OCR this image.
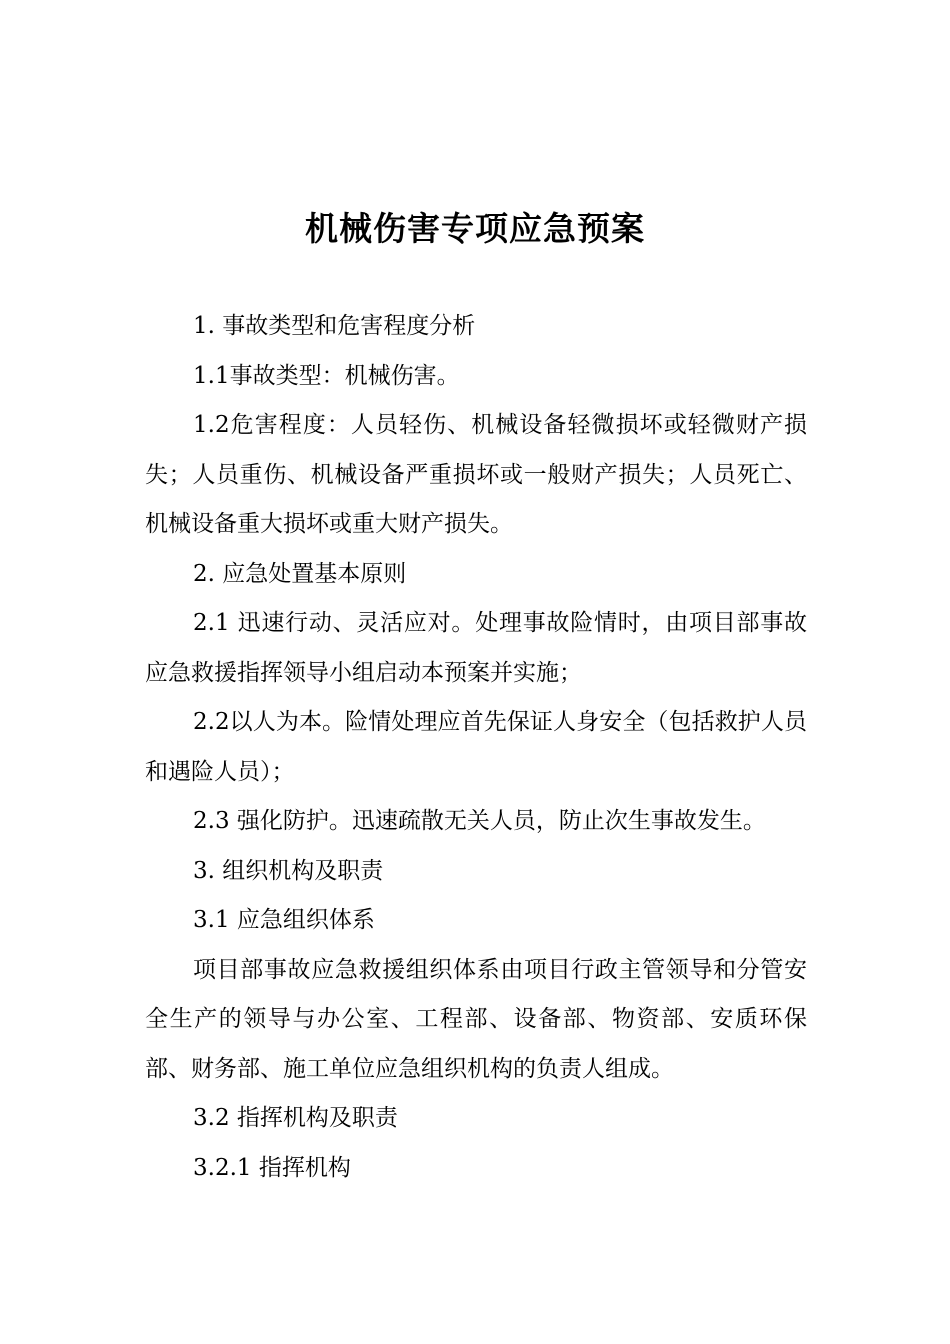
机械伤害专项应急预案

1. 事故类型和危害程度分析

1.1事故类型：机械伤害。

1.2危害程度：人员轻伤、机械设备轻微损坏或轻微财产损失；人员重伤、机械设备严重损坏或一般财产损失；人员死亡、机械设备重大损坏或重大财产损失。

2. 应急处置基本原则

2.1 迅速行动、灵活应对。处理事故险情时，由项目部事故应急救援指挥领导小组启动本预案并实施；

2.2以人为本。险情处理应首先保证人身安全（包括救护人员和遇险人员）；

2.3 强化防护。迅速疏散无关人员，防止次生事故发生。

3. 组织机构及职责

3.1 应急组织体系

项目部事故应急救援组织体系由项目行政主管领导和分管安全生产的领导与办公室、工程部、设备部、物资部、安质环保部、财务部、施工单位应急组织机构的负责人组成。

3.2 指挥机构及职责

3.2.1 指挥机构
